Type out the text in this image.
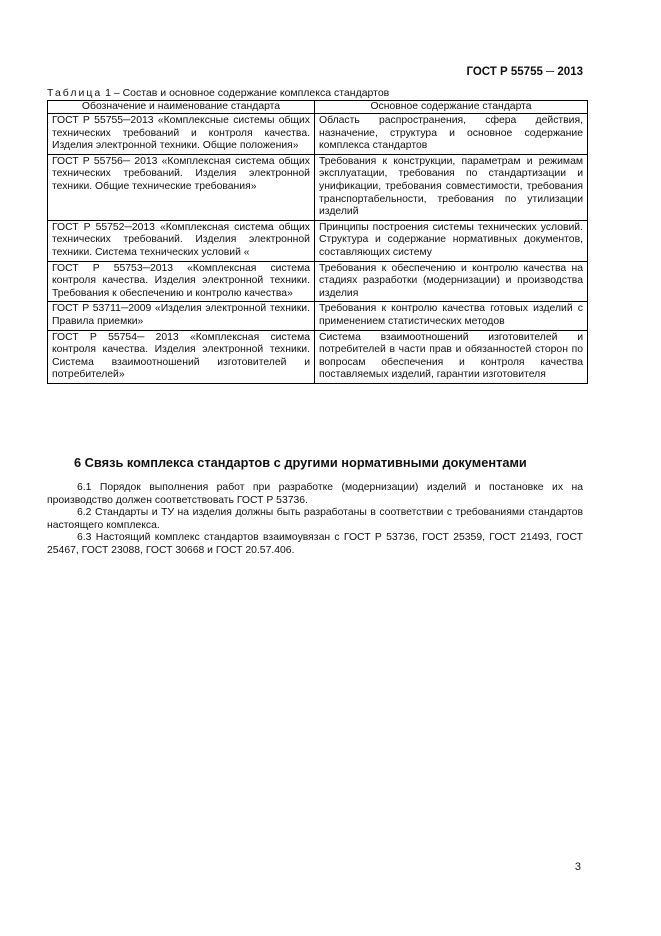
ГОСТ Р 55755 ─ 2013
Таблица 1 – Состав и основное содержание комплекса стандартов
Обозначение и наименование стандарта	Основное содержание стандарта
ГОСТ Р 55755─2013 «Комплексные системы общих технических требований и контроля качества. Изделия электронной техники. Общие положения»	Область распространения, сфера действия, назначение, структура и основное содержание комплекса стандартов
ГОСТ Р 55756─ 2013 «Комплексная система общих технических требований. Изделия электронной техники. Общие технические требования»	Требования к конструкции, параметрам и режимам эксплуатации, требования по стандартизации и унификации, требования совместимости, требования транспортабельности, требования по утилизации изделий
ГОСТ Р 55752─2013 «Комплексная система общих технических требований. Изделия электронной техники. Система технических условий «	Принципы построения системы технических условий. Структура и содержание нормативных документов, составляющих систему
ГОСТ Р 55753─2013 «Комплексная система контроля качества. Изделия электронной техники. Требования к обеспечению и контролю качества»	Требования к обеспечению и контролю качества на стадиях разработки (модернизации) и производства изделия
ГОСТ Р 53711─2009 «Изделия электронной техники. Правила приемки»	Требования к контролю качества готовых изделий с применением статистических методов
ГОСТ Р 55754─ 2013 «Комплексная система контроля качества. Изделия электронной техники. Система взаимоотношений изготовителей и потребителей»	Система взаимоотношений изготовителей и потребителей в части прав и обязанностей сторон по вопросам обеспечения и контроля качества поставляемых изделий, гарантии изготовителя
6 Связь комплекса стандартов с другими нормативными документами
6.1 Порядок выполнения работ при разработке (модернизации) изделий и постановке их на производство должен соответствовать ГОСТ Р 53736.
6.2 Стандарты и ТУ на изделия должны быть разработаны в соответствии с требованиями стандартов настоящего комплекса.
6.3 Настоящий комплекс стандартов взаимоувязан с ГОСТ Р 53736, ГОСТ 25359, ГОСТ 21493, ГОСТ 25467, ГОСТ 23088, ГОСТ 30668 и ГОСТ 20.57.406.
3
